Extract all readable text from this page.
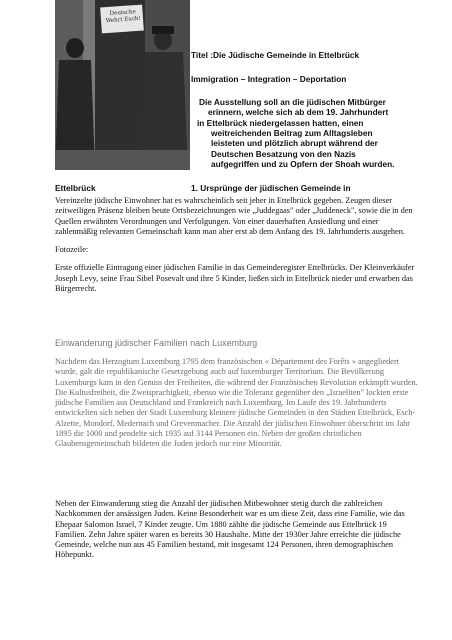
Deutsche
Wehrt Euch!

Titel :Die Jüdische Gemeinde in Ettelbrück

Immigration – Integration – Deportation

Die Ausstellung soll an die jüdischen Mitbürger
erinnern, welche sich ab dem 19. Jahrhundert
in Ettelbrück niedergelassen hatten, einen
weitreichenden Beitrag zum Alltagsleben
leisteten und plötzlich abrupt während der
Deutschen Besatzung von den Nazis
aufgegriffen und zu Opfern der Shoah wurden.

1. Ursprünge der jüdischen Gemeinde in

Ettelbrück

Vereinzelte jüdische Einwohner hat es wahrscheinlich seit jeher in Ettelbrück gegeben. Zeugen dieser zeitweiligen Präsenz bleiben heute Ortsbezeichnungen wie „Juddegaas" oder „Juddeneck", sowie die in den Quellen erwähnten Verordnungen und Verfolgungen. Von einer dauerhaften Ansiedlung und einer zahlenmäßig relevanten Gemeinschaft kann man aber erst ab dem Anfang des 19. Jahrhunderts ausgehen.

Fotozeile:

Erste offizielle Eintragung einer jüdischen Familie in das Gemeinderegister Ettelbrücks. Der Kleinverkäufer Joseph Levy, seine Frau Sibel Posevalt und ihre 5 Kinder, ließen sich in Ettelbrück nieder und erwarben das Bürgerrecht.

Einwanderung jüdischer Familien nach Luxemburg

Nachdem das Herzogtum Luxemburg 1795 dem französischen « Département des Forêts » angegliedert wurde, galt die republikanische Gesetzgebung auch auf luxemburger Territorium. Die Bevölkerung Luxemburgs kam in den Genuss der Freiheiten, die während der Französischen Revolution erkämpft wurden. Die Kultusfreiheit, die Zweisprachigkeit, ebenso wie die Toleranz gegenüber den „Israeliten" lockten erste jüdische Familien aus Deutschland und Frankreich nach Luxemburg. Im Laufe des 19. Jahrhunderts entwickelten sich neben der Stadt Luxemburg kleinere jüdische Gemeinden in den Städten Ettelbrück, Esch-Alzette, Mondorf, Medernach und Grevenmacher. Die Anzahl der jüdischen Einwohner überschritt im Jahr 1895 die 1000 und pendelte sich 1935 auf 3144 Personen ein. Neben der großen christlichen Glaubensgemeinschaft bildeten die Juden jedoch nur eine Minorität.

Neben der Einwanderung stieg die Anzahl der jüdischen Mitbewohner stetig durch die zahlreichen Nachkommen der ansässigen Juden. Keine Besonderheit war es um diese Zeit, dass eine Familie, wie das Ehepaar Salomon Israel, 7 Kinder zeugte. Um 1880 zählte die jüdische Gemeinde aus Ettelbrück 19 Familien. Zehn Jahre später waren es bereits 30 Haushalte. Mitte der 1930er Jahre erreichte die jüdische Gemeinde, welche nun aus 45 Familien bestand, mit insgesamt 124 Personen, ihren demographischen Höhepunkt.
